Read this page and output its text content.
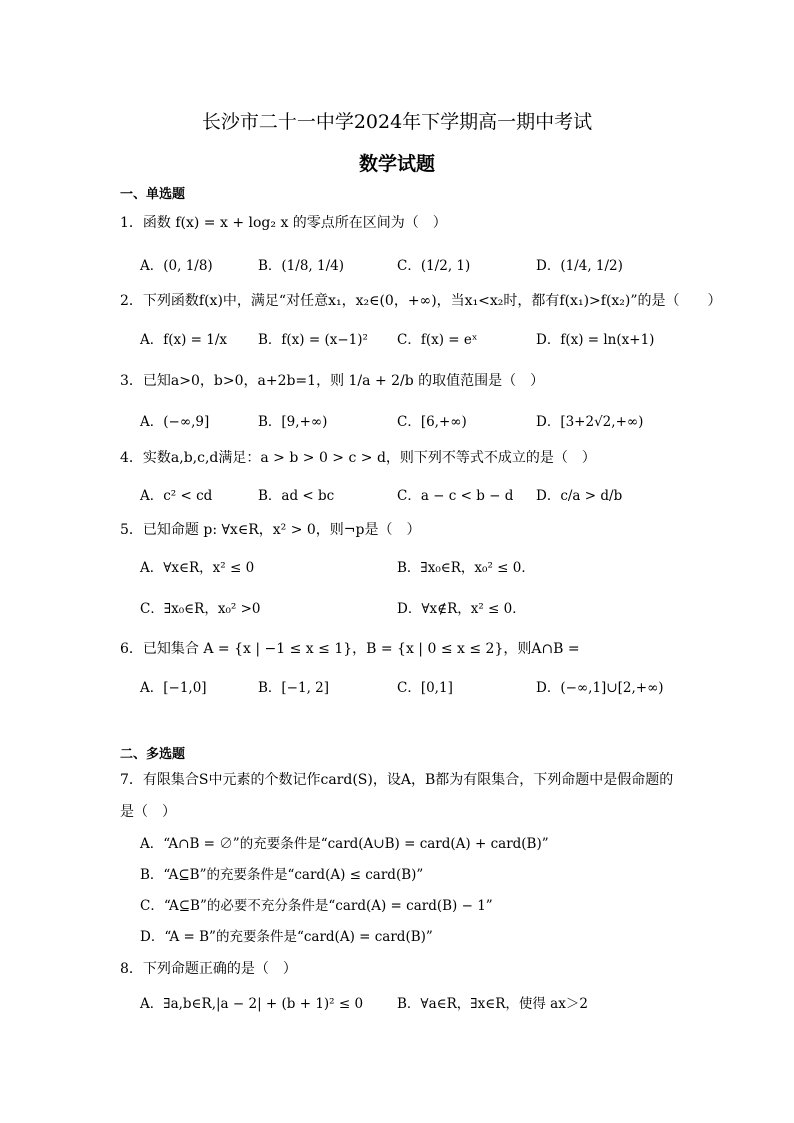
长沙市二十一中学2024年下学期高一期中考试
数学试题
一、单选题
1．函数 f(x) = x + log₂ x 的零点所在区间为（　）
A．(0, 1/8)	B．(1/8, 1/4)	C．(1/2, 1)	D．(1/4, 1/2)
2．下列函数f(x)中，满足“对任意x₁，x₂∈(0，+∞)，当x₁<x₂时，都有f(x₁)>f(x₂)”的是（　　）
A．f(x) = 1/x B．f(x) = (x−1)² C．f(x) = eˣ	D．f(x) = ln(x+1)
3．已知a>0，b>0，a+2b=1，则 1/a + 2/b 的取值范围是（　）
A．(−∞,9]	B．[9,+∞)	C．[6,+∞)	D．[3+2√2,+∞)
4．实数a,b,c,d满足：a > b > 0 > c > d，则下列不等式不成立的是（　）
A．c² < cd	B．ad < bc	C．a − c < b − d D．c/a > d/b
5．已知命题 p: ∀x∈R，x² > 0，则¬p是（　）
A．∀x∈R，x² ≤ 0	B．∃x₀∈R，x₀² ≤ 0．
C．∃x₀∈R，x₀² >0	D．∀x∉R，x² ≤ 0．
6．已知集合 A = {x | −1 ≤ x ≤ 1}，B = {x | 0 ≤ x ≤ 2}，则A∩B =
A．[−1,0]	B．[−1, 2]	C．[0,1]	D．(−∞,1]∪[2,+∞)
二、多选题
7．有限集合S中元素的个数记作card(S)，设A，B都为有限集合，下列命题中是假命题的
是（　）
A．“A∩B = ∅”的充要条件是“card(A∪B) = card(A) + card(B)”
B．“A⊆B”的充要条件是“card(A) ≤ card(B)”
C．“A⊆B”的必要不充分条件是“card(A) = card(B) − 1”
D．“A = B”的充要条件是“card(A) = card(B)”
8．下列命题正确的是（　）
A．∃a,b∈R,|a − 2| + (b + 1)² ≤ 0	B．∀a∈R，∃x∈R，使得 ax＞2
